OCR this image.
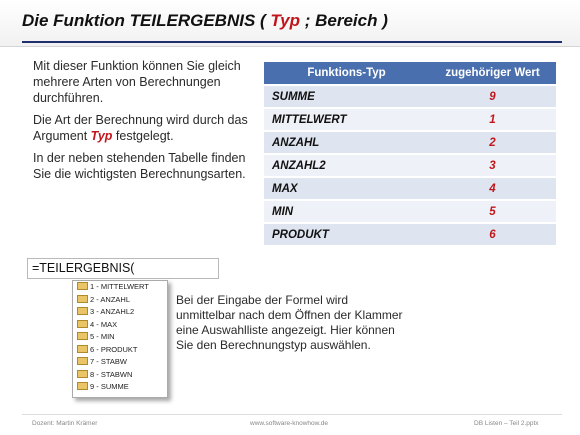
Die Funktion TEILERGEBNIS ( Typ ; Bereich )

Mit dieser Funktion können Sie gleich mehrere Arten von Berechnungen durchführen.

Die Art der Berechnung wird durch das Argument Typ festgelegt.

In der neben stehenden Tabelle finden Sie die wichtigsten Berechnungsarten.

Funktions-Typ	zugehöriger Wert
SUMME	9
MITTELWERT	1
ANZAHL	2
ANZAHL2	3
MAX	4
MIN	5
PRODUKT	6
=TEILERGEBNIS(
1 - MITTELWERT
2 - ANZAHL
3 - ANZAHL2
4 - MAX
5 - MIN
6 - PRODUKT
7 - STABW
8 - STABWN
9 - SUMME
Bei der Eingabe der Formel wird unmittelbar nach dem Öffnen der Klammer eine Auswahlliste angezeigt. Hier können Sie den Berechnungstyp auswählen.
Dozent: Martin Krämer	www.software-knowhow.de	DB Listen – Teil 2.pptx
